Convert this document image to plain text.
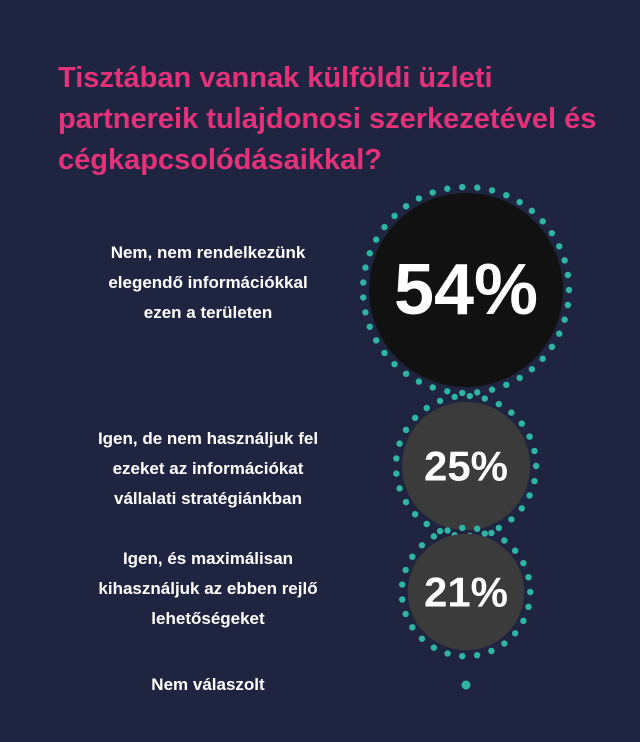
Tisztában vannak külföldi üzleti partnereik tulajdonosi szerkezetével és cégkapcsolódásaikkal?

Nem, nem rendelkezünk
elegendő információkkal
ezen a területen

Igen, de nem használjuk fel
ezeket az információkat
vállalati stratégiánkban

Igen, és maximálisan
kihasználjuk az ebben rejlő
lehetőségeket

Nem válaszolt

54%
25%
21%
